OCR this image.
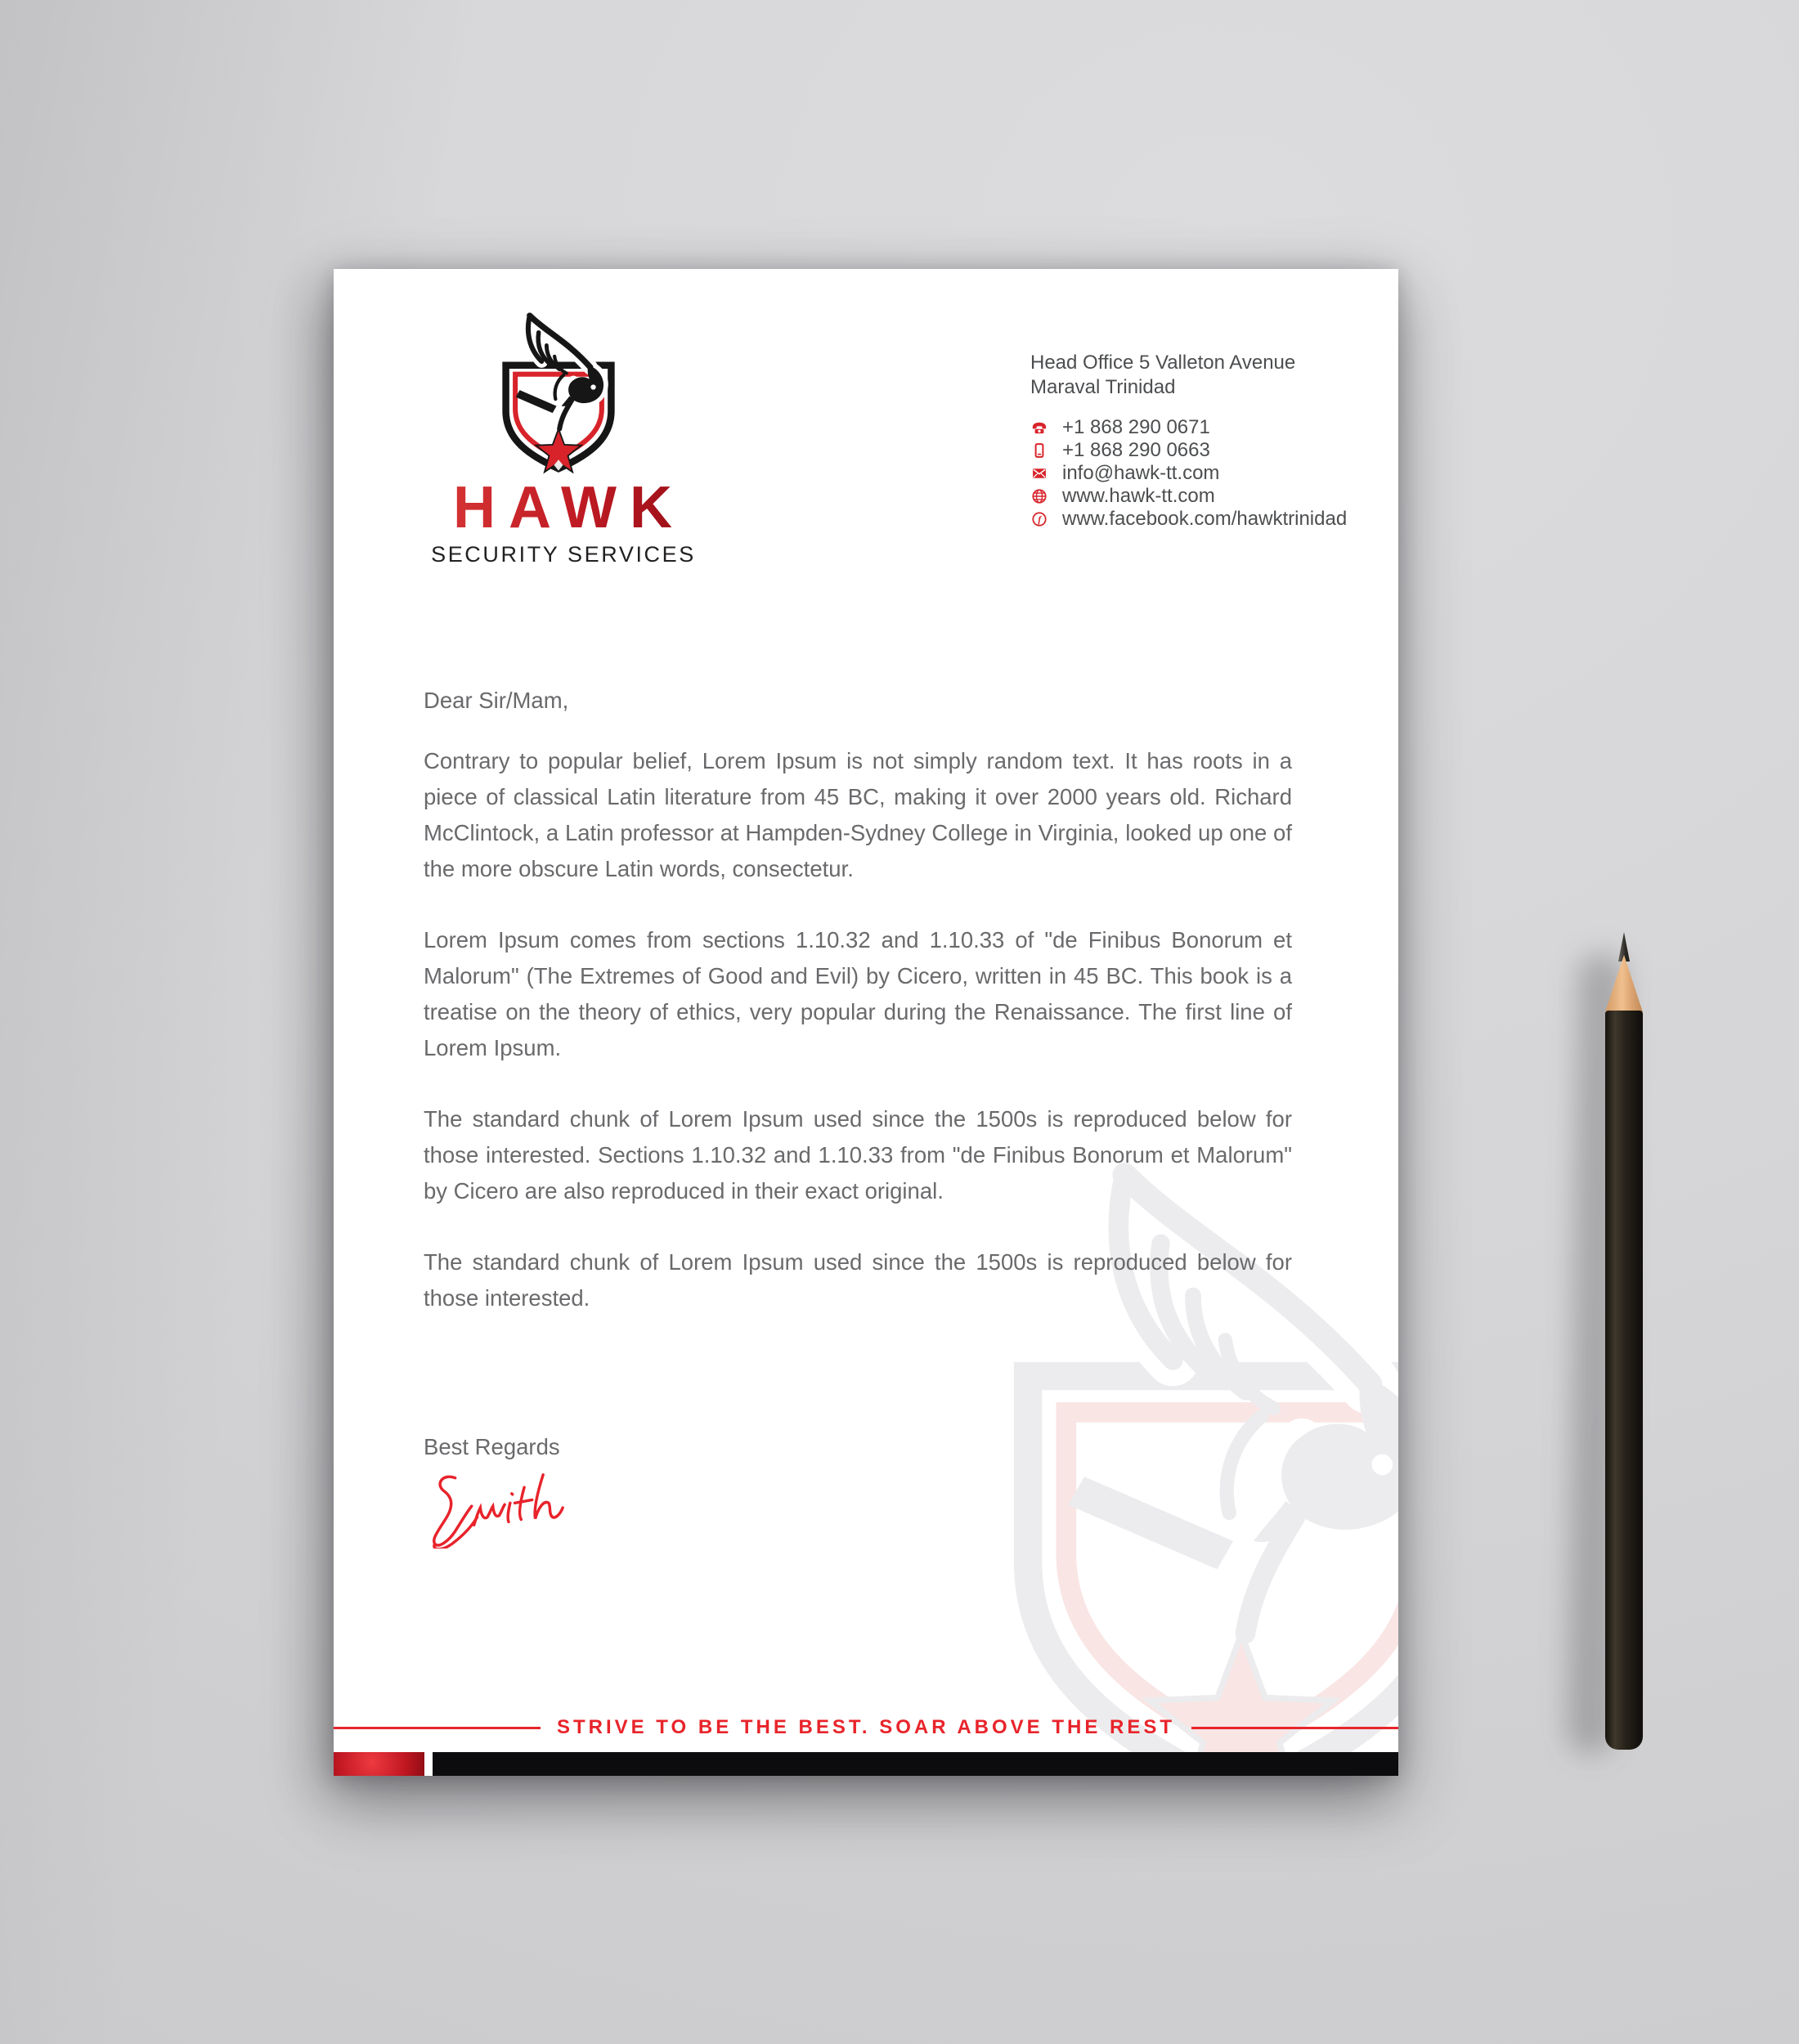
HAWK
SECURITY SERVICES
Head Office 5 Valleton Avenue
Maraval Trinidad
+1 868 290 0671
+1 868 290 0663
info@hawk-tt.com
www.hawk-tt.com
f www.facebook.com/hawktrinidad

Dear Sir/Mam,

Contrary to popular belief, Lorem Ipsum is not simply random text. It has roots in a piece of classical Latin literature from 45 BC, making it over 2000 years old. Richard McClintock, a Latin professor at Hampden-Sydney College in Virginia, looked up one of the more obscure Latin words, consectetur.

Lorem Ipsum comes from sections 1.10.32 and 1.10.33 of "de Finibus Bonorum et Malorum" (The Extremes of Good and Evil) by Cicero, written in 45 BC. This book is a treatise on the theory of ethics, very popular during the Renaissance. The first line of Lorem Ipsum.

The standard chunk of Lorem Ipsum used since the 1500s is reproduced below for those interested. Sections 1.10.32 and 1.10.33 from "de Finibus Bonorum et Malorum" by Cicero are also reproduced in their exact original.

The standard chunk of Lorem Ipsum used since the 1500s is reproduced below for those interested.

Best Regards

STRIVE TO BE THE BEST. SOAR ABOVE THE REST
